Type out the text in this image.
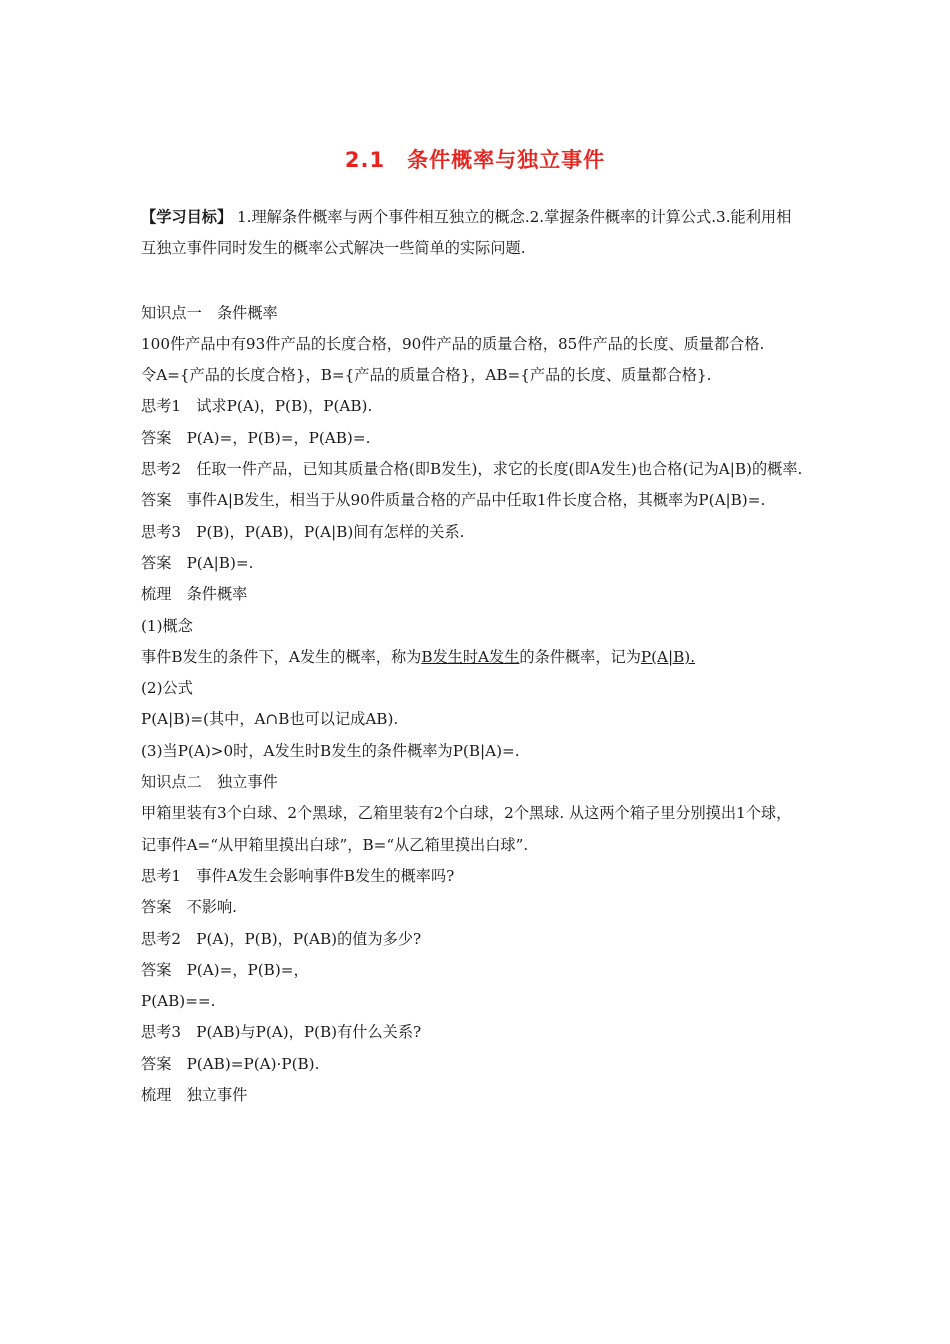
2.1　条件概率与独立事件
【学习目标】 1.理解条件概率与两个事件相互独立的概念.2.掌握条件概率的计算公式.3.能利用相互独立事件同时发生的概率公式解决一些简单的实际问题.
知识点一　条件概率
100件产品中有93件产品的长度合格，90件产品的质量合格，85件产品的长度、质量都合格.
令A={产品的长度合格}，B={产品的质量合格}，AB={产品的长度、质量都合格}.
思考1　试求P(A)，P(B)，P(AB).
答案　P(A)=，P(B)=，P(AB)=.
思考2　任取一件产品，已知其质量合格(即B发生)，求它的长度(即A发生)也合格(记为A|B)的概率.
答案　事件A|B发生，相当于从90件质量合格的产品中任取1件长度合格，其概率为P(A|B)=.
思考3　P(B)，P(AB)，P(A|B)间有怎样的关系.
答案　P(A|B)=.
梳理　条件概率
(1)概念
事件B发生的条件下，A发生的概率，称为B发生时A发生的条件概率，记为P(A|B).
(2)公式
P(A|B)=(其中，A∩B也可以记成AB).
(3)当P(A)>0时，A发生时B发生的条件概率为P(B|A)=.
知识点二　独立事件
甲箱里装有3个白球、2个黑球，乙箱里装有2个白球，2个黑球. 从这两个箱子里分别摸出1个球，记事件A=“从甲箱里摸出白球”，B=“从乙箱里摸出白球”.
思考1　事件A发生会影响事件B发生的概率吗?
答案　不影响.
思考2　P(A)，P(B)，P(AB)的值为多少?
答案　P(A)=，P(B)=，
P(AB)==.
思考3　P(AB)与P(A)，P(B)有什么关系?
答案　P(AB)=P(A)·P(B).
梳理　独立事件
